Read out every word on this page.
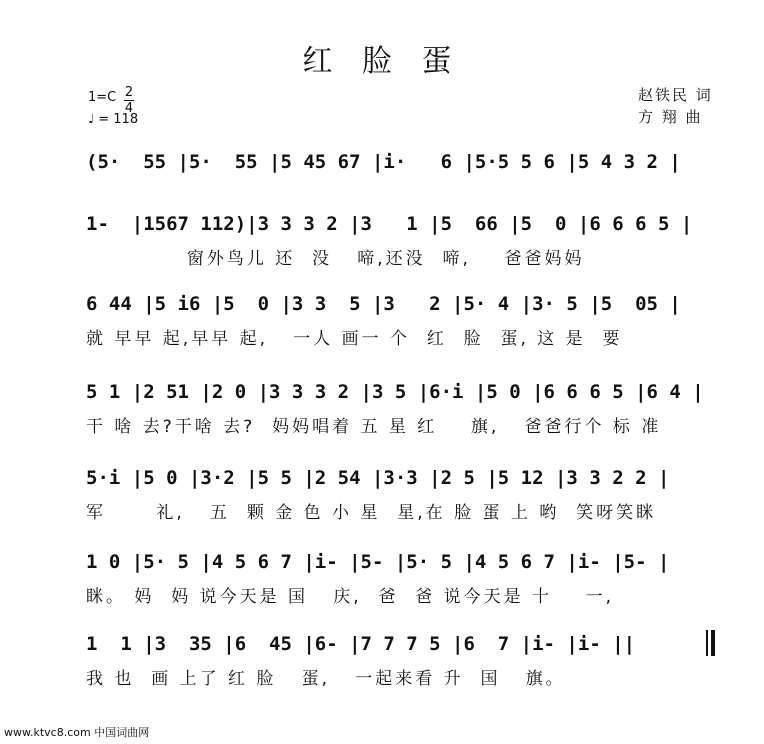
红 脸 蛋
1=C 2
4
♩ = 118
赵铁民 词
方 翔 曲
(5·  55 |5·  55 |5 45 67 |i·   6 |5·5 5 6 |5 4 3 2 |
1-  |1567 112)|3 3 3 2 |3   1 |5  66 |5  0 |6 6 6 5 |
窗外鸟儿 还  没   啼,还没  啼,    爸爸妈妈
6 44 |5 i6 |5  0 |3 3  5 |3   2 |5· 4 |3· 5 |5  05 |
就 早早 起,早早 起,   一人 画一 个  红  脸  蛋, 这 是  要
5 1 |2 51 |2 0 |3 3 3 2 |3 5 |6·i |5 0 |6 6 6 5 |6 4 |
干 啥 去?干啥 去?  妈妈唱着 五 星 红    旗,   爸爸行个 标 准
5·i |5 0 |3·2 |5 5 |2 54 |3·3 |2 5 |5 12 |3 3 2 2 |
军      礼,   五  颗 金 色 小 星  星,在 脸 蛋 上 哟  笑呀笑眯
1 0 |5· 5 |4 5 6 7 |i- |5- |5· 5 |4 5 6 7 |i- |5- |
眯。 妈  妈 说今天是 国   庆,  爸  爸 说今天是 十    一,
1  1 |3  35 |6  45 |6- |7 7 7 5 |6  7 |i- |i- ||
我 也  画 上了 红 脸   蛋,   一起来看 升  国   旗。
www.ktvc8.com 中国词曲网
